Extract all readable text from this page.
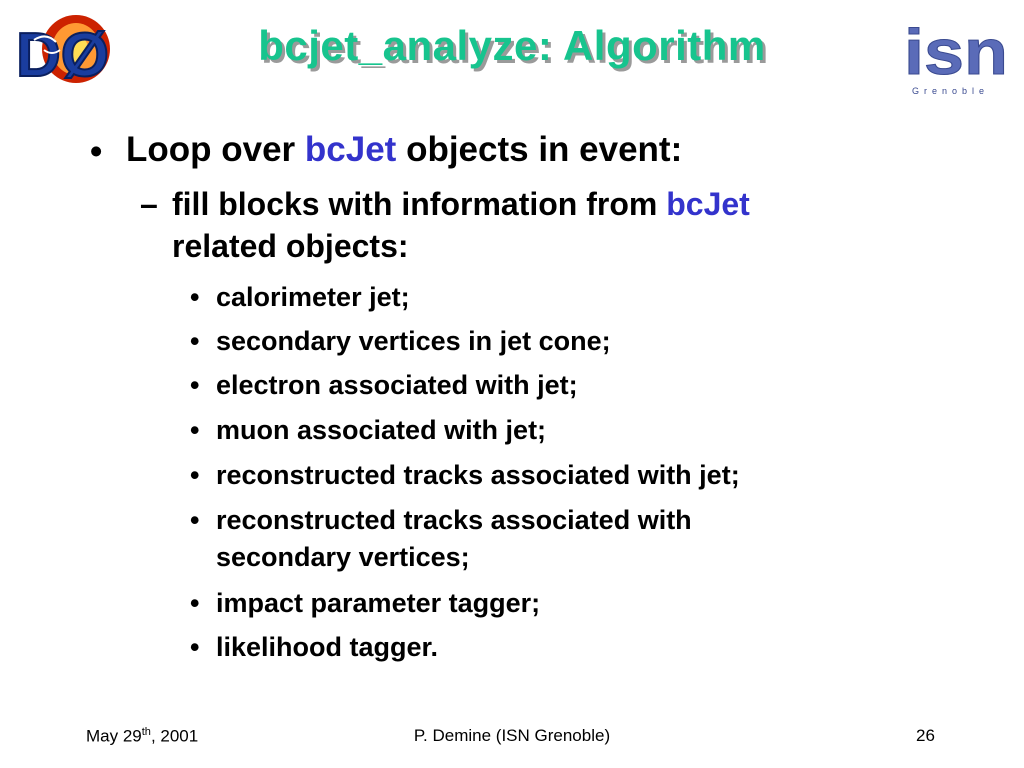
DØ	isn
Grenoble
bcjet_analyze: Algorithm
• Loop over bcJet objects in event:
– fill blocks with information from bcJet
related objects:
• calorimeter jet;
• secondary vertices in jet cone;
• electron associated with jet;
• muon associated with jet;
• reconstructed tracks associated with jet;
• reconstructed tracks associated with
secondary vertices;
• impact parameter tagger;
• likelihood tagger.
May 29th, 2001	P. Demine (ISN Grenoble)	26
